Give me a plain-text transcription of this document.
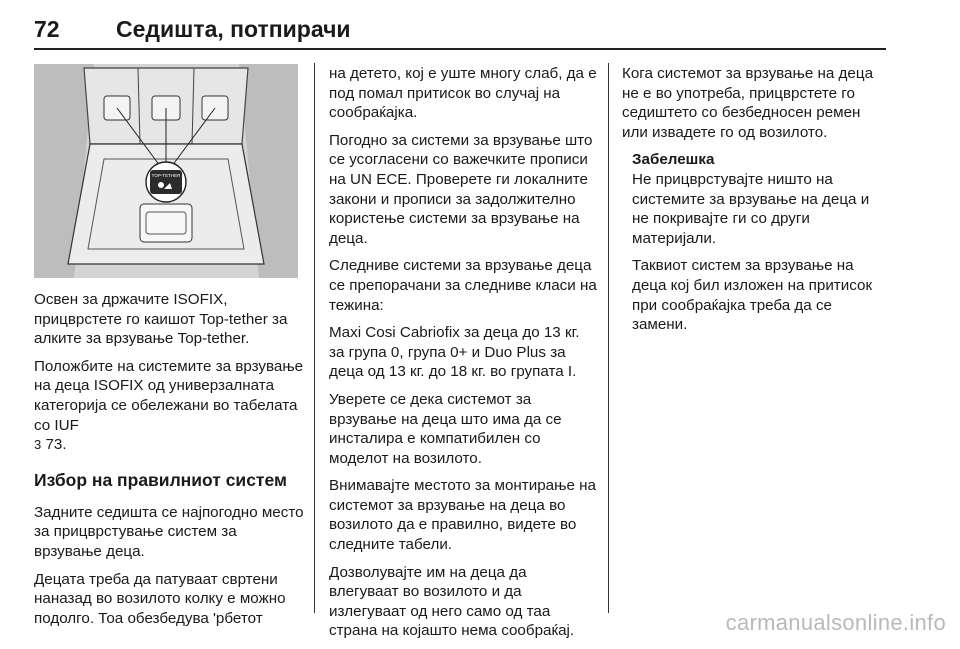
72 Седишта, потпирачи
TOP-TETHER

Освен за држачите ISOFIX, прицврстете го каишот Top-tether за алките за врзување Top-tether.

Положбите на системите за врзување на деца ISOFIX од универзалната категорија се обележани во табелата со IUF
3 73.

Избор на правилниот систем

Задните седишта се најпогодно место за прицврстување систем за врзување деца.

Децата треба да патуваат свртени наназад во возилото колку е можно подолго. Тоа обезбедува 'рбетот

на детето, кој е уште многу слаб, да е под помал притисок во случај на сообраќајка.

Погодно за системи за врзување што се усогласени со важечките прописи на UN ECE. Проверете ги локалните закони и прописи за задолжително користење системи за врзување на деца.

Следниве системи за врзување деца се препорачани за следниве класи на тежина:

Maxi Cosi Cabriofix за деца до 13 кг. за група 0, група 0+ и Duo Plus за деца од 13 кг. до 18 кг. во групата I.

Уверете се дека системот за врзување на деца што има да се инсталира е компатибилен со моделот на возилото.

Внимавајте местото за монтирање на системот за врзување на деца во возилото да е правилно, видете во следните табели.

Дозволувајте им на деца да влегуваат во возилото и да излегуваат од него само од таа страна на којашто нема сообраќај.

Кога системот за врзување на деца не е во употреба, прицврстете го седиштето со безбедносен ремен или извадете го од возилото.

Забелешка

Не прицврстувајте ништо на системите за врзување на деца и не покривајте ги со други материјали.

Таквиот систем за врзување на деца кој бил изложен на притисок при сообраќајка треба да се замени.

carmanualsonline.info
